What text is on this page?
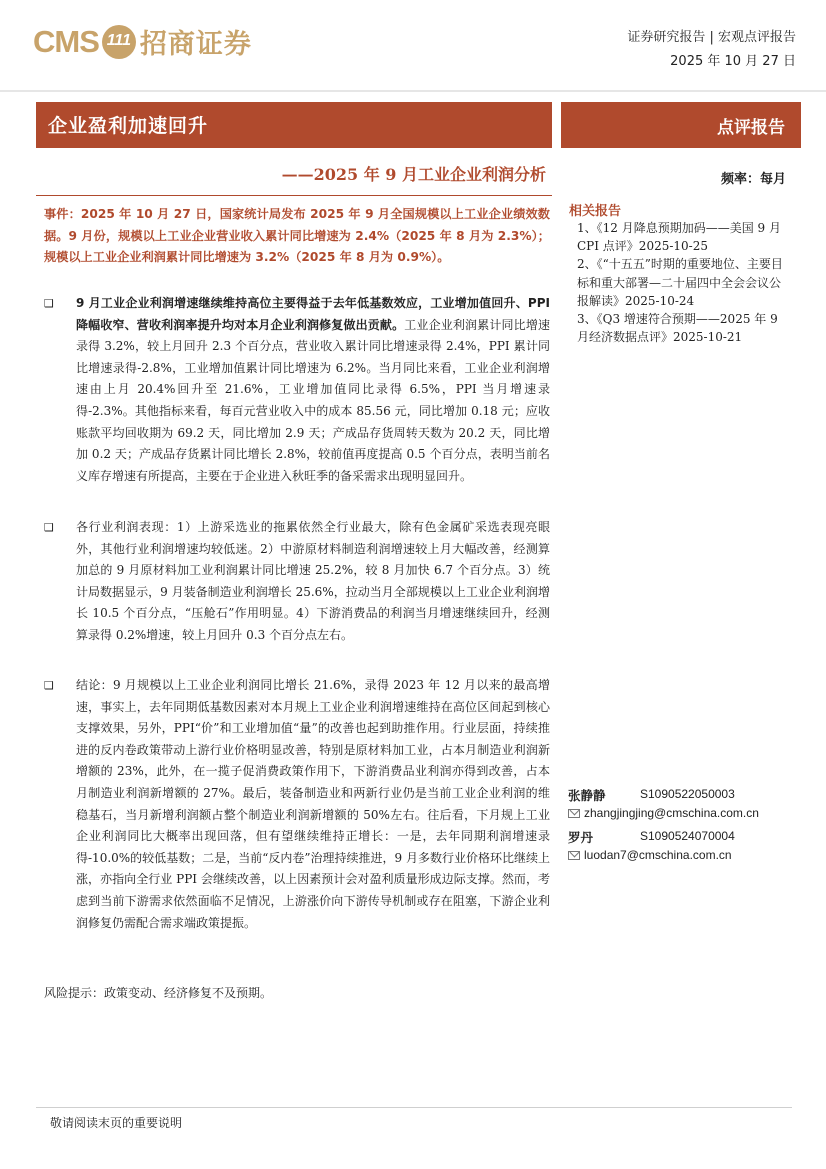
CMS 111 招商证券	证券研究报告 | 宏观点评报告
2025 年 10 月 27 日
企业盈利加速回升	点评报告
——2025 年 9 月工业企业利润分析	频率：每月
事件：2025 年 10 月 27 日，国家统计局发布 2025 年 9 月全国规模以上工业企业绩效数据。9 月份，规模以上工业企业营业收入累计同比增速为 2.4%（2025 年 8 月为 2.3%）；规模以上工业企业利润累计同比增速为 3.2%（2025 年 8 月为 0.9%）。
❑ 9 月工业企业利润增速继续维持高位主要得益于去年低基数效应，工业增加值回升、PPI 降幅收窄、营收利润率提升均对本月企业利润修复做出贡献。工业企业利润累计同比增速录得 3.2%，较上月回升 2.3 个百分点，营业收入累计同比增速录得 2.4%，PPI 累计同比增速录得-2.8%，工业增加值累计同比增速为 6.2%。当月同比来看，工业企业利润增速由上月 20.4%回升至 21.6%，工业增加值同比录得 6.5%，PPI 当月增速录得-2.3%。其他指标来看，每百元营业收入中的成本 85.56 元，同比增加 0.18 元；应收账款平均回收期为 69.2 天，同比增加 2.9 天；产成品存货周转天数为 20.2 天，同比增加 0.2 天；产成品存货累计同比增长 2.8%，较前值再度提高 0.5 个百分点，表明当前名义库存增速有所提高，主要在于企业进入秋旺季的备采需求出现明显回升。
❑ 各行业利润表现：1）上游采选业的拖累依然全行业最大，除有色金属矿采选表现亮眼外，其他行业利润增速均较低迷。2）中游原材料制造利润增速较上月大幅改善，经测算加总的 9 月原材料加工业利润累计同比增速 25.2%，较 8 月加快 6.7 个百分点。3）统计局数据显示，9 月装备制造业利润增长 25.6%，拉动当月全部规模以上工业企业利润增长 10.5 个百分点，“压舱石”作用明显。4）下游消费品的利润当月增速继续回升，经测算录得 0.2%增速，较上月回升 0.3 个百分点左右。
❑ 结论：9 月规模以上工业企业利润同比增长 21.6%，录得 2023 年 12 月以来的最高增速，事实上，去年同期低基数因素对本月规上工业企业利润增速维持在高位区间起到核心支撑效果，另外，PPI“价”和工业增加值“量”的改善也起到助推作用。行业层面，持续推进的反内卷政策带动上游行业价格明显改善，特别是原材料加工业，占本月制造业利润新增额的 23%，此外，在一揽子促消费政策作用下，下游消费品业利润亦得到改善，占本月制造业利润新增额的 27%。最后，装备制造业和两新行业仍是当前工业企业利润的维稳基石，当月新增利润额占整个制造业利润新增额的 50%左右。往后看，下月规上工业企业利润同比大概率出现回落，但有望继续维持正增长：一是，去年同期利润增速录得-10.0%的较低基数；二是，当前“反内卷”治理持续推进，9 月多数行业价格环比继续上涨，亦指向全行业 PPI 会继续改善，以上因素预计会对盈利质量形成边际支撑。然而，考虑到当前下游需求依然面临不足情况，上游涨价向下游传导机制或存在阻塞，下游企业利润修复仍需配合需求端政策提振。
风险提示：政策变动、经济修复不及预期。
相关报告
1、《12 月降息预期加码——美国 9 月 CPI 点评》2025-10-25
2、《“十五五”时期的重要地位、主要目标和重大部署—二十届四中全会会议公报解读》2025-10-24
3、《Q3 增速符合预期——2025 年 9 月经济数据点评》2025-10-21
张静静	S1090522050003
zhangjingjing@cmschina.com.cn
罗丹	S1090524070004
luodan7@cmschina.com.cn
敬请阅读末页的重要说明
